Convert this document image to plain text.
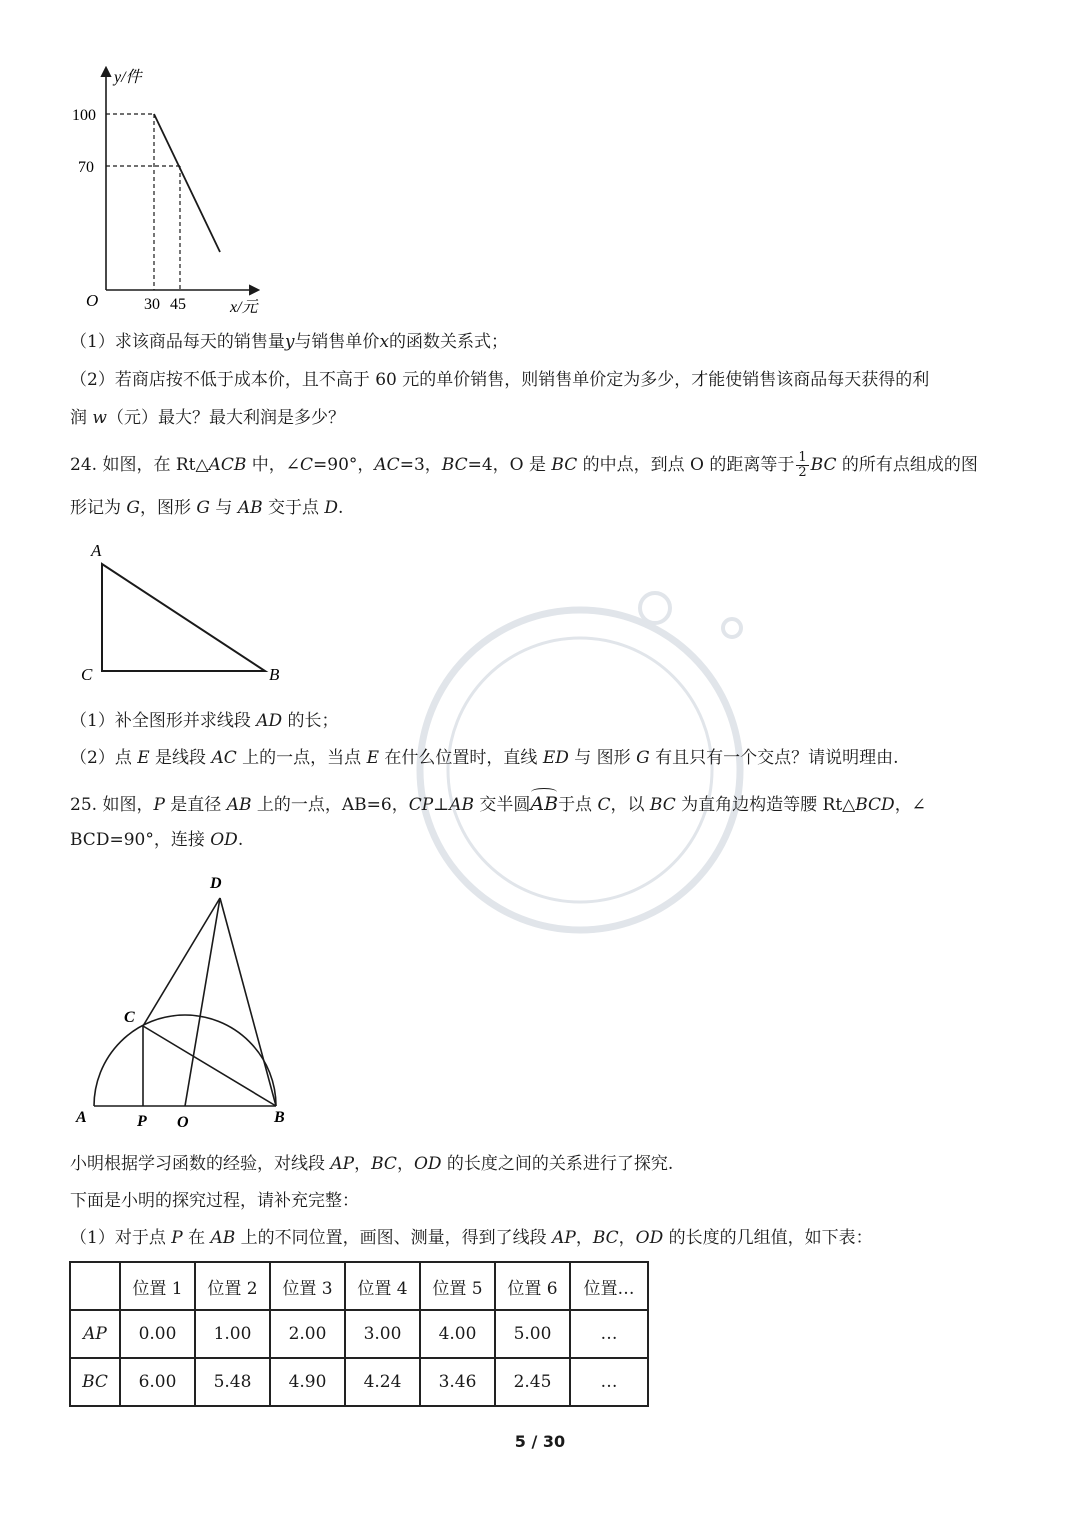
y/件
100
70
O	30 45	x/元
（1）求该商品每天的销售量y与销售单价x的函数关系式；
（2）若商店按不低于成本价，且不高于 60 元的单价销售，则销售单价定为多少，才能使销售该商品每天获得的利
润 w（元）最大？最大利润是多少？
24. 如图，在 Rt△ACB 中，∠C=90°，AC=3，BC=4，O 是 BC 的中点，到点 O 的距离等于 $\frac{1}{2}$ BC 的所有点组成的图
形记为 G，图形 G 与 AB 交于点 D.
A
C	B
（1）补全图形并求线段 AD 的长；
（2）点 E 是线段 AC 上的一点，当点 E 在什么位置时，直线 ED 与 图形 G 有且只有一个交点？请说明理由.
25. 如图，P 是直径 AB 上的一点，AB=6，CP⊥AB 交半圆AB于点 C，以 BC 为直角边构造等腰 Rt△BCD，∠
BCD=90°，连接 OD.
D
C
A	P O	B
小明根据学习函数的经验，对线段 AP，BC，OD 的长度之间的关系进行了探究.
下面是小明的探究过程，请补充完整：
（1）对于点 P 在 AB 上的不同位置，画图、测量，得到了线段 AP，BC，OD 的长度的几组值，如下表：
	位置 1	位置 2	位置 3	位置 4	位置 5	位置 6	位置…
AP	0.00	1.00	2.00	3.00	4.00	5.00	…
BC	6.00	5.48	4.90	4.24	3.46	2.45	…
5 / 30
